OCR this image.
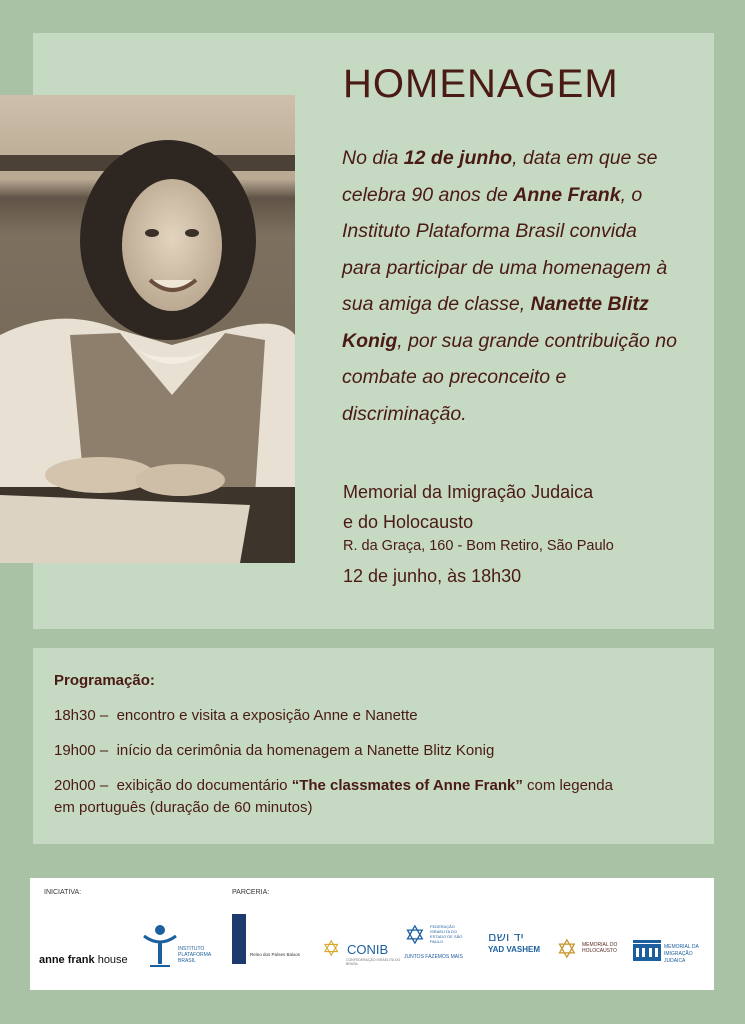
HOMENAGEM

No dia 12 de junho, data em que se celebra 90 anos de Anne Frank, o Instituto Plataforma Brasil convida para participar de uma homenagem à sua amiga de classe, Nanette Blitz Konig, por sua grande contribuição no combate ao preconceito e discriminação.

Memorial da Imigração Judaica
e do Holocausto

R. da Graça, 160 - Bom Retiro, São Paulo

12 de junho, às 18h30

Programação:

18h30 – encontro e visita a exposição Anne e Nanette

19h00 – início da cerimônia da homenagem a Nanette Blitz Konig

20h00 – exibição do documentário “The classmates of Anne Frank” com legenda
em português (duração de 60 minutos)

INICIATIVA:	PARCERIA:

anne frank house
INSTITUTO PLATAFORMA BRASIL
Reino dos Países Baixos ✡ CONIB
CONFEDERAÇÃO ISRAELITA DO BRASIL
✡ FEDERAÇÃO ISRAELITA DO ESTADO DE SÃO PAULO
JUNTOS FAZEMOS MAIS
יד ושם
YAD VASHEM ✡ MEMORIAL DO HOLOCAUSTO
MEMORIAL DA
IMIGRAÇÃO JUDAICA
